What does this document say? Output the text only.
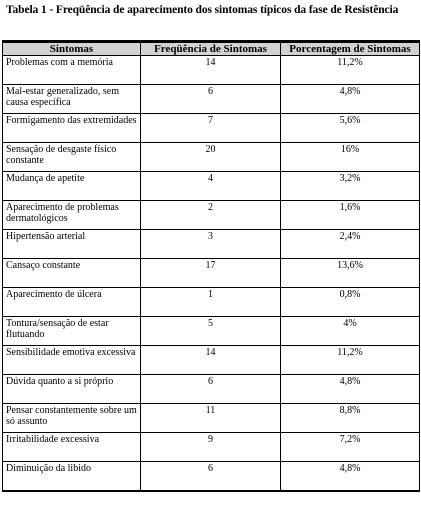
Tabela 1 - Freqüência de aparecimento dos sintomas típicos da fase de Resistência
Sintomas	Freqüência de Sintomas	Porcentagem de Sintomas
Problemas com a memória	14	11,2%
Mal-estar generalizado, sem causa específica	6	4,8%
Formigamento das extremidades	7	5,6%
Sensação de desgaste físico constante	20	16%
Mudança de apetite	4	3,2%
Aparecimento de problemas dermatológicos	2	1,6%
Hipertensão arterial	3	2,4%
Cansaço constante	17	13,6%
Aparecimento de úlcera	1	0,8%
Tontura/sensação de estar flutuando	5	4%
Sensibilidade emotiva excessiva	14	11,2%
Dúvida quanto a si próprio	6	4,8%
Pensar constantemente sobre um só assunto	11	8,8%
Irritabilidade excessiva	9	7,2%
Diminuição da libido	6	4,8%
